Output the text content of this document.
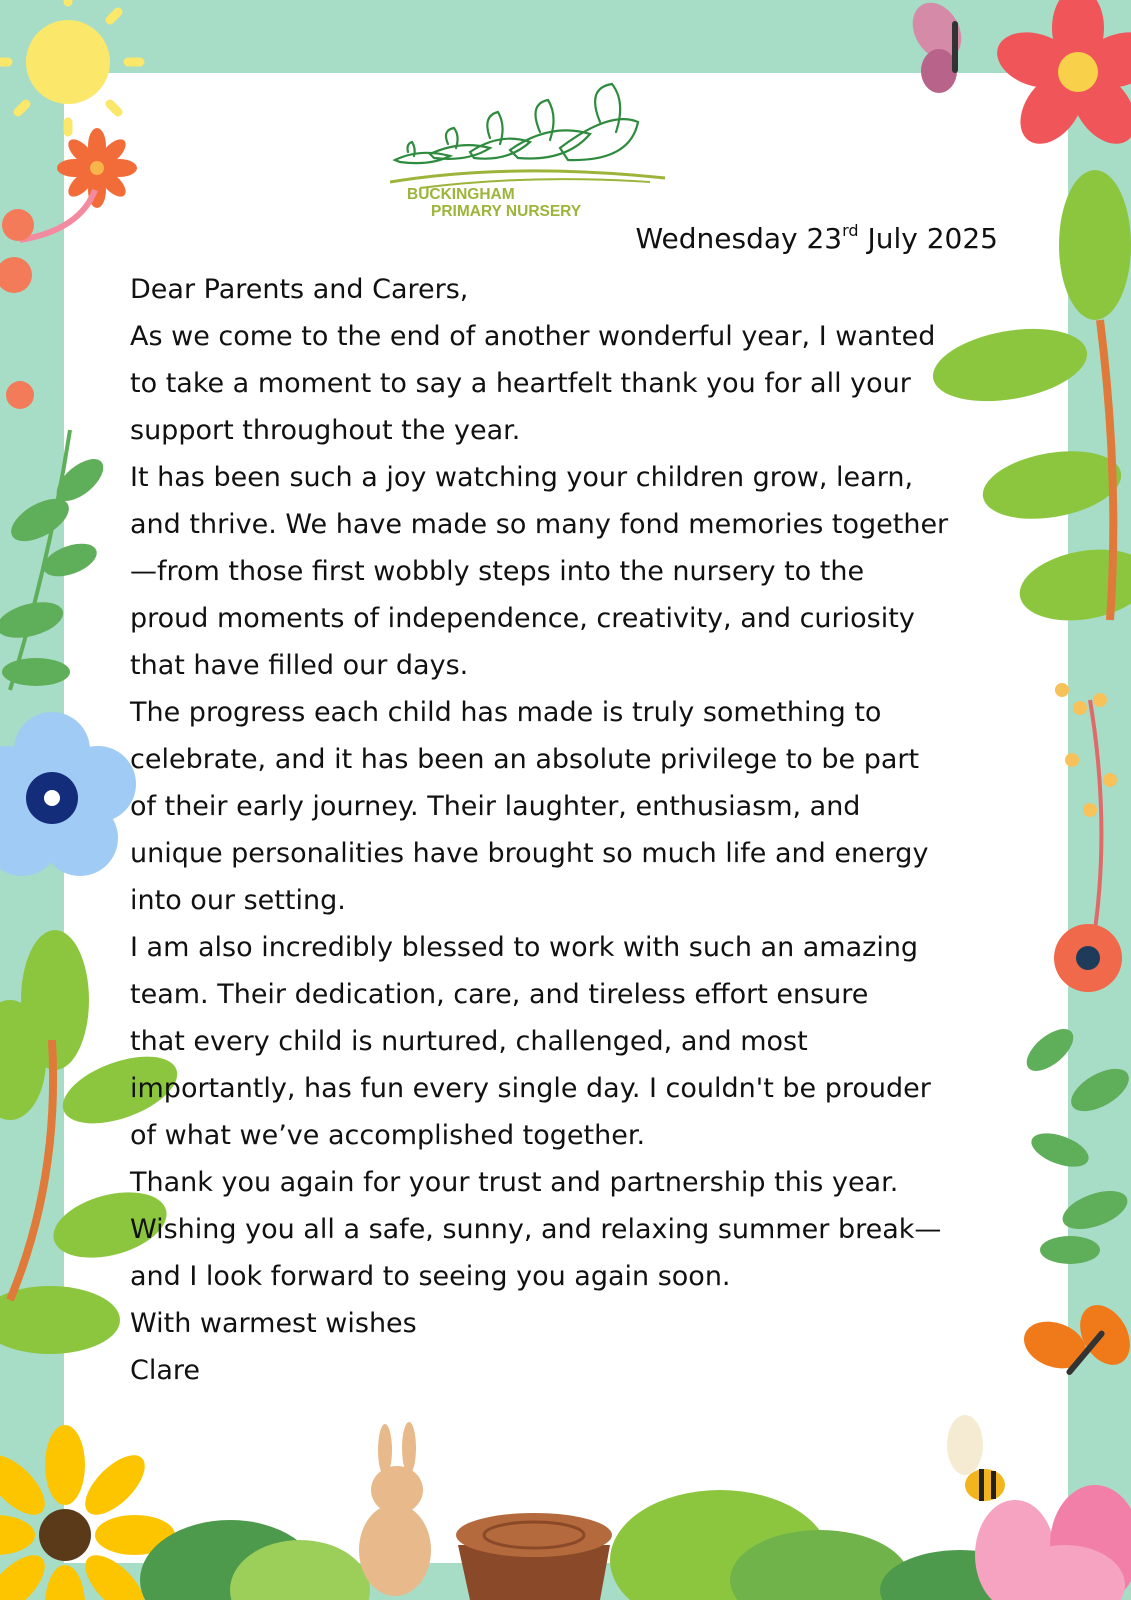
BUCKINGHAM
PRIMARY NURSERY
Wednesday 23rd July 2025
Dear Parents and Carers,
As we come to the end of another wonderful year, I wanted
to take a moment to say a heartfelt thank you for all your
support throughout the year.
It has been such a joy watching your children grow, learn,
and thrive. We have made so many fond memories together
—from those first wobbly steps into the nursery to the
proud moments of independence, creativity, and curiosity
that have filled our days.
The progress each child has made is truly something to
celebrate, and it has been an absolute privilege to be part
of their early journey. Their laughter, enthusiasm, and
unique personalities have brought so much life and energy
into our setting.
I am also incredibly blessed to work with such an amazing
team. Their dedication, care, and tireless effort ensure
that every child is nurtured, challenged, and most
importantly, has fun every single day. I couldn't be prouder
of what we’ve accomplished together.
Thank you again for your trust and partnership this year.
Wishing you all a safe, sunny, and relaxing summer break—
and I look forward to seeing you again soon.
With warmest wishes
Clare
